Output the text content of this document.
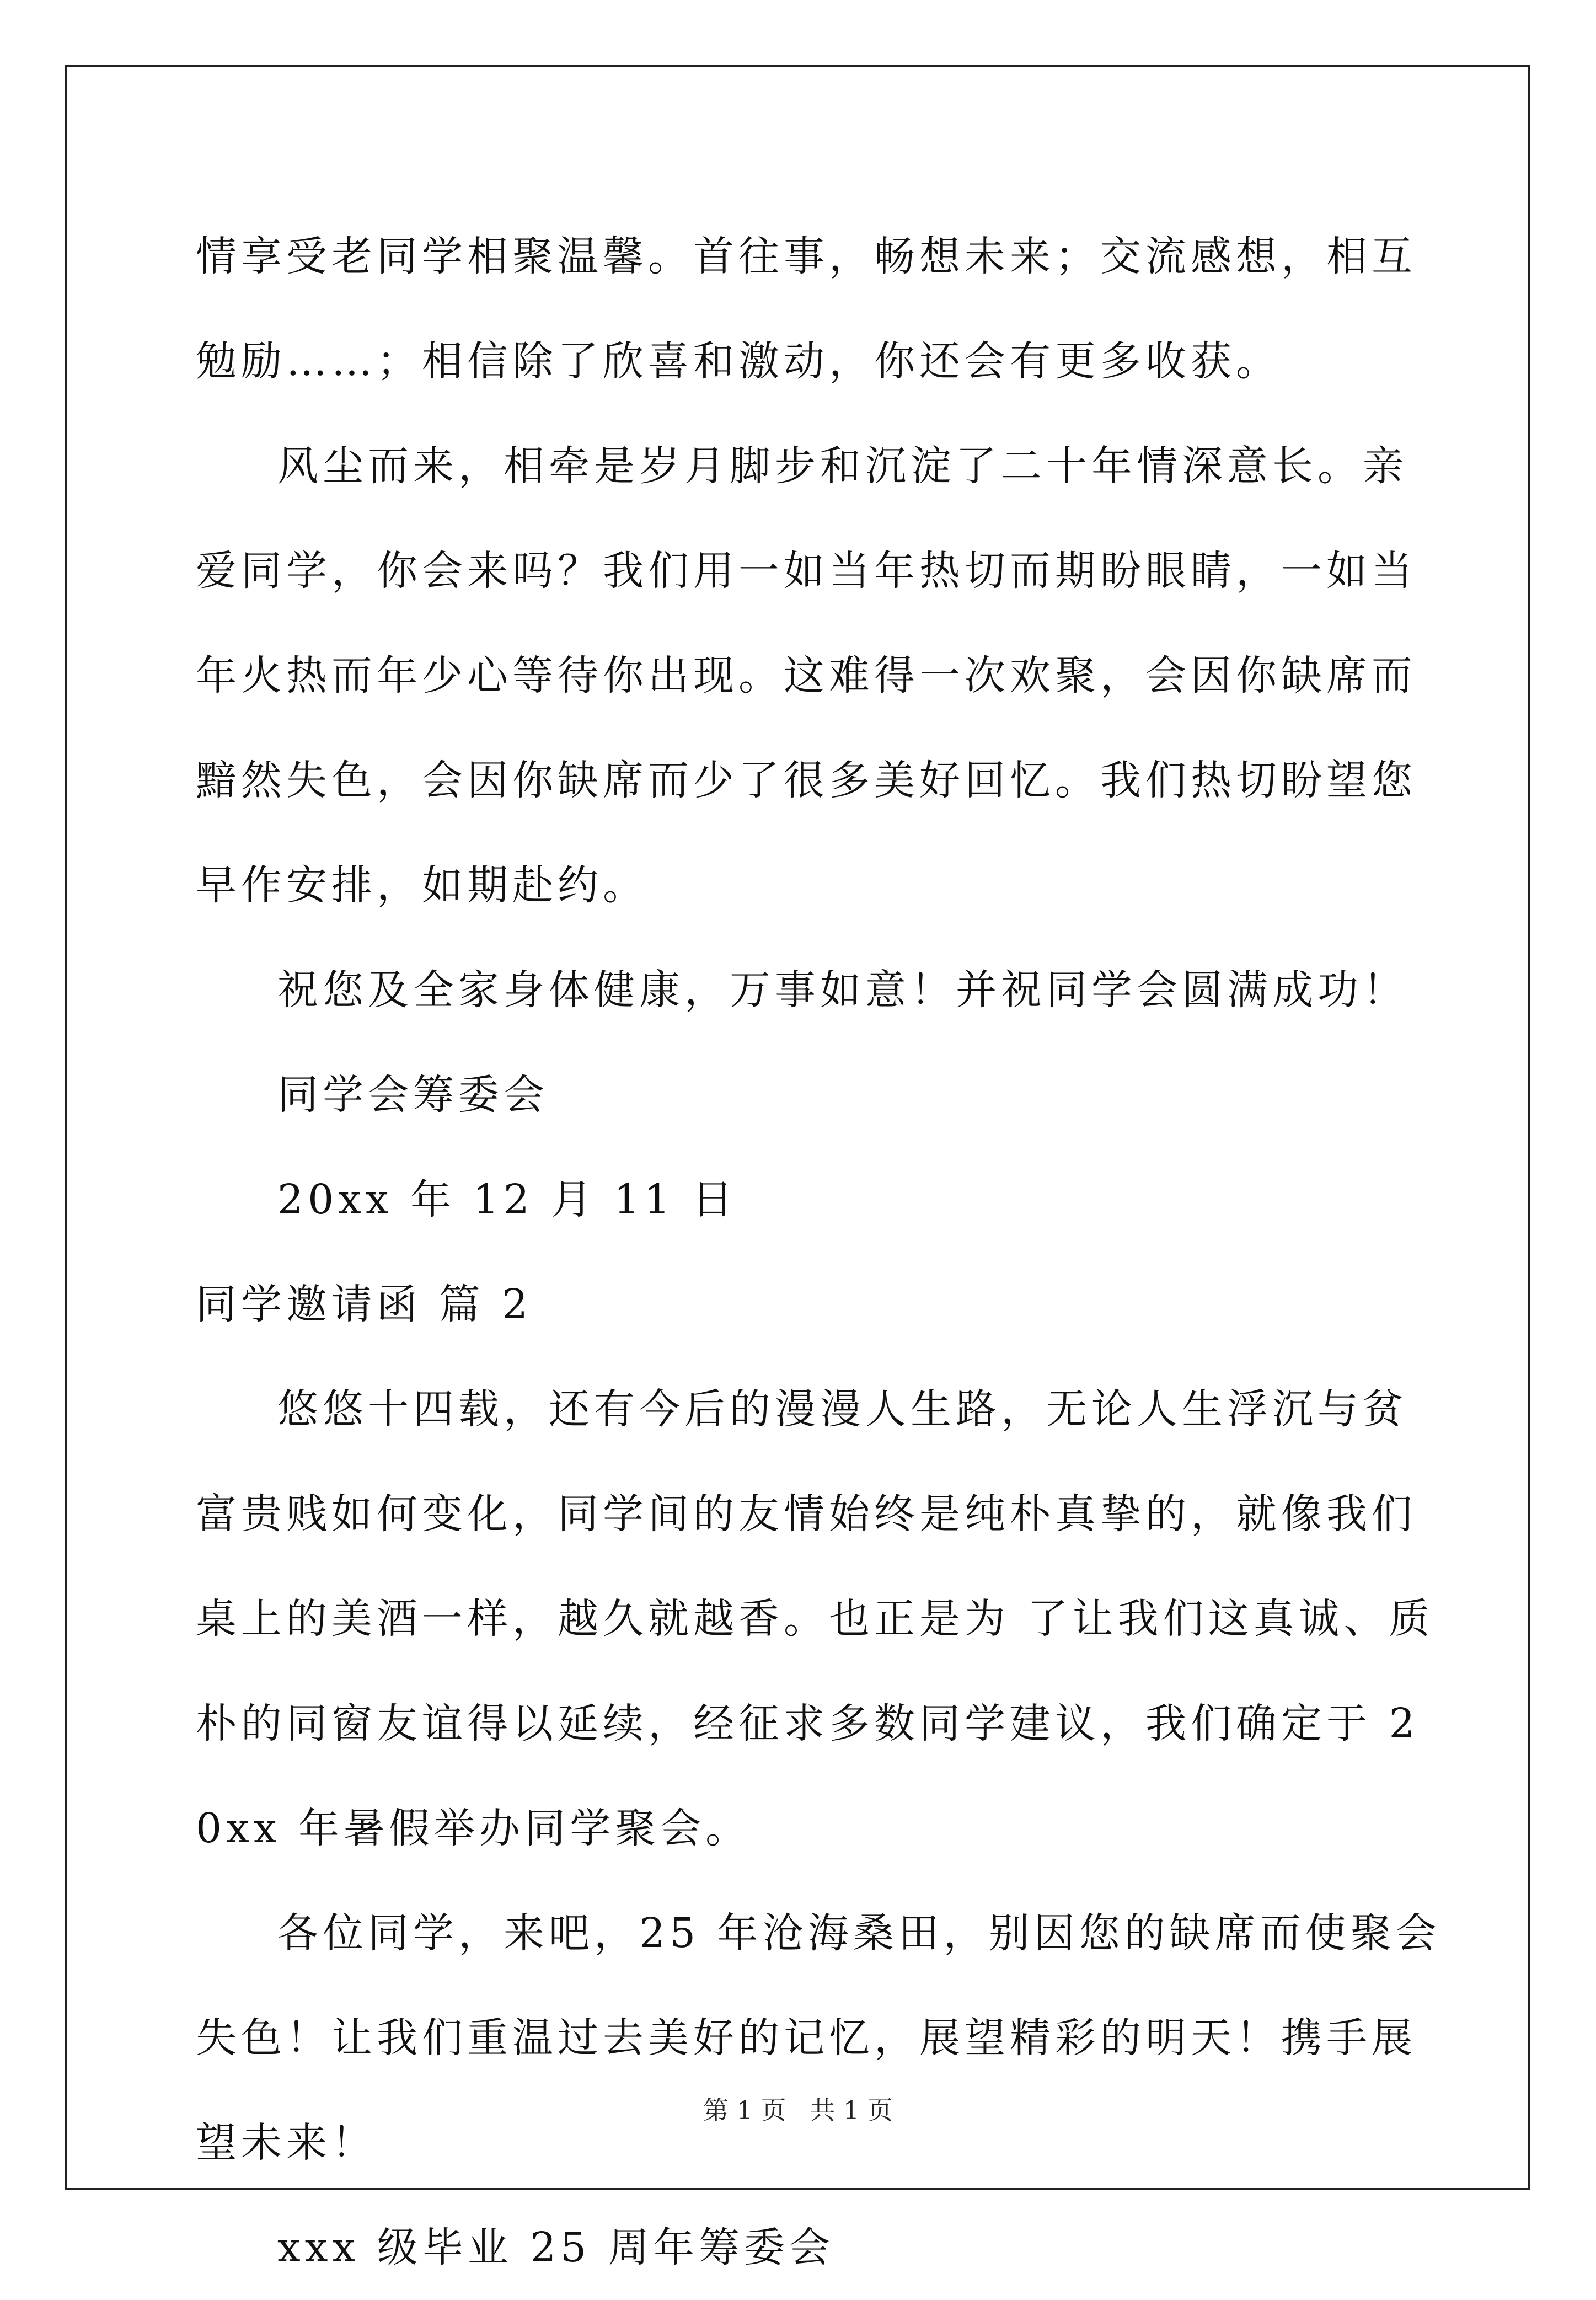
情享受老同学相聚温馨。首往事，畅想未来；交流感想，相互勉励……；相信除了欣喜和激动，你还会有更多收获。

风尘而来，相牵是岁月脚步和沉淀了二十年情深意长。亲爱同学，你会来吗？我们用一如当年热切而期盼眼睛，一如当年火热而年少心等待你出现。这难得一次欢聚，会因你缺席而黯然失色，会因你缺席而少了很多美好回忆。我们热切盼望您早作安排，如期赴约。

祝您及全家身体健康，万事如意！并祝同学会圆满成功！

同学会筹委会

20xx 年 12 月 11 日

同学邀请函 篇 2

悠悠十四载，还有今后的漫漫人生路，无论人生浮沉与贫富贵贱如何变化，同学间的友情始终是纯朴真挚的，就像我们桌上的美酒一样，越久就越香。也正是为 了让我们这真诚、质朴的同窗友谊得以延续，经征求多数同学建议，我们确定于 20xx 年暑假举办同学聚会。

各位同学，来吧，25 年沧海桑田，别因您的缺席而使聚会失色！让我们重温过去美好的记忆，展望精彩的明天！携手展望未来！

xxx 级毕业 25 周年筹委会

第 1 页 共 1 页
